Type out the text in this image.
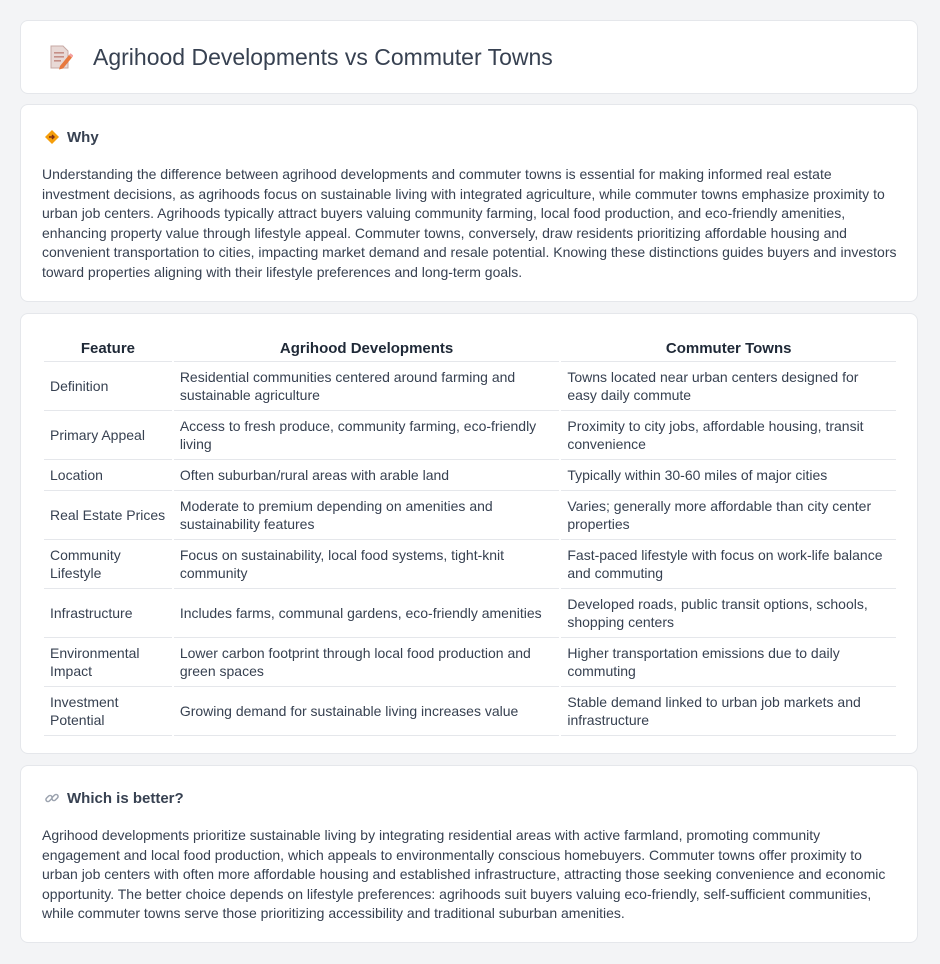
Agrihood Developments vs Commuter Towns
Why

Understanding the difference between agrihood developments and commuter towns is essential for making informed real estate investment decisions, as agrihoods focus on sustainable living with integrated agriculture, while commuter towns emphasize proximity to urban job centers. Agrihoods typically attract buyers valuing community farming, local food production, and eco-friendly amenities, enhancing property value through lifestyle appeal. Commuter towns, conversely, draw residents prioritizing affordable housing and convenient transportation to cities, impacting market demand and resale potential. Knowing these distinctions guides buyers and investors toward properties aligning with their lifestyle preferences and long-term goals.

Feature	Agrihood Developments	Commuter Towns
Definition	Residential communities centered around farming and sustainable agriculture	Towns located near urban centers designed for easy daily commute
Primary Appeal	Access to fresh produce, community farming, eco-friendly living	Proximity to city jobs, affordable housing, transit convenience
Location	Often suburban/rural areas with arable land	Typically within 30-60 miles of major cities
Real Estate Prices	Moderate to premium depending on amenities and sustainability features	Varies; generally more affordable than city center properties
Community Lifestyle	Focus on sustainability, local food systems, tight-knit community	Fast-paced lifestyle with focus on work-life balance and commuting
Infrastructure	Includes farms, communal gardens, eco-friendly amenities	Developed roads, public transit options, schools, shopping centers
Environmental Impact	Lower carbon footprint through local food production and green spaces	Higher transportation emissions due to daily commuting
Investment Potential	Growing demand for sustainable living increases value	Stable demand linked to urban job markets and infrastructure
Which is better?

Agrihood developments prioritize sustainable living by integrating residential areas with active farmland, promoting community engagement and local food production, which appeals to environmentally conscious homebuyers. Commuter towns offer proximity to urban job centers with often more affordable housing and established infrastructure, attracting those seeking convenience and economic opportunity. The better choice depends on lifestyle preferences: agrihoods suit buyers valuing eco-friendly, self-sufficient communities, while commuter towns serve those prioritizing accessibility and traditional suburban amenities.
